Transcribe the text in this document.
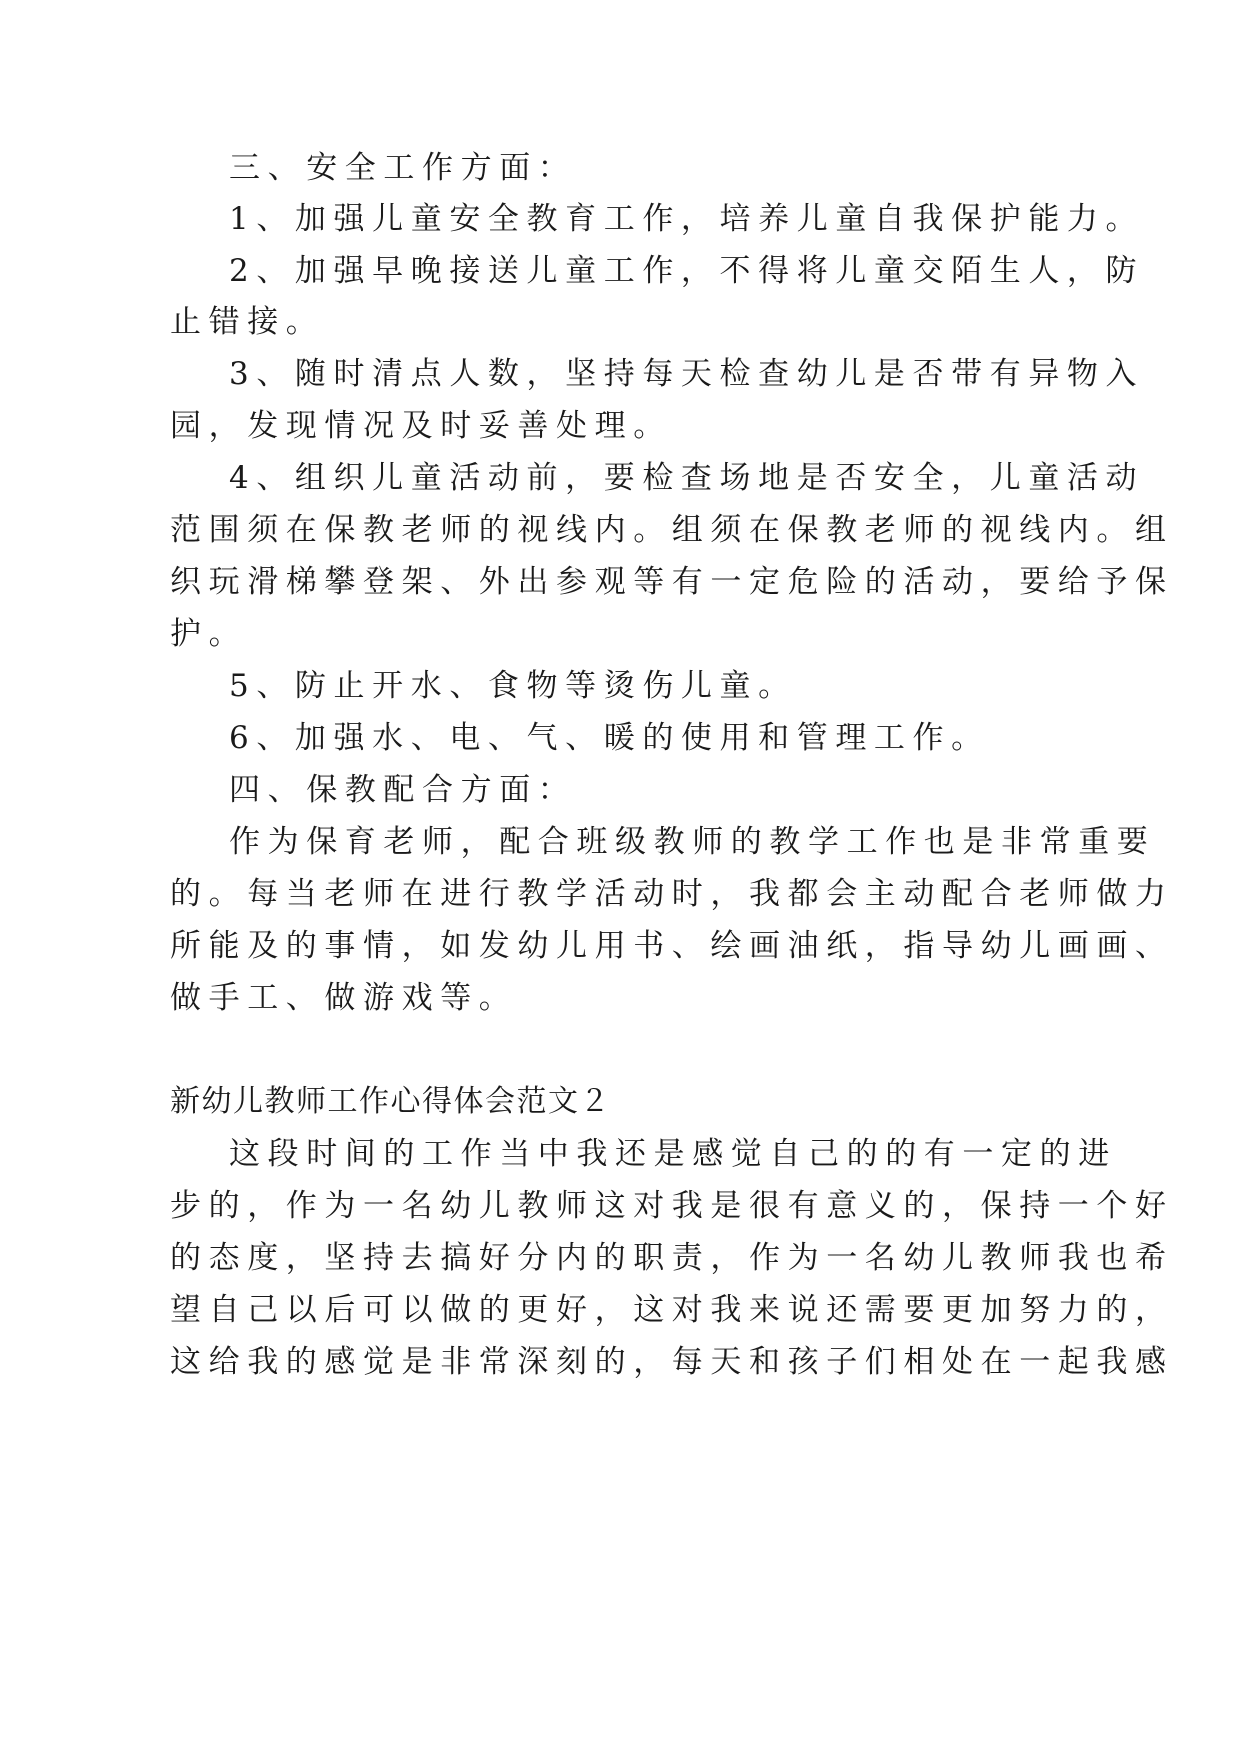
三、安全工作方面：
1、加强儿童安全教育工作，培养儿童自我保护能力。
2、加强早晚接送儿童工作，不得将儿童交陌生人，防
止错接。
3、随时清点人数，坚持每天检查幼儿是否带有异物入
园，发现情况及时妥善处理。
4、组织儿童活动前，要检查场地是否安全，儿童活动
范围须在保教老师的视线内。组须在保教老师的视线内。组
织玩滑梯攀登架、外出参观等有一定危险的活动，要给予保
护。
5、防止开水、食物等烫伤儿童。
6、加强水、电、气、暖的使用和管理工作。
四、保教配合方面：
作为保育老师，配合班级教师的教学工作也是非常重要
的。每当老师在进行教学活动时，我都会主动配合老师做力
所能及的事情，如发幼儿用书、绘画油纸，指导幼儿画画、
做手工、做游戏等。
新幼儿教师工作心得体会范文２
这段时间的工作当中我还是感觉自己的的有一定的进
步的，作为一名幼儿教师这对我是很有意义的，保持一个好
的态度，坚持去搞好分内的职责，作为一名幼儿教师我也希
望自己以后可以做的更好，这对我来说还需要更加努力的，
这给我的感觉是非常深刻的，每天和孩子们相处在一起我感
